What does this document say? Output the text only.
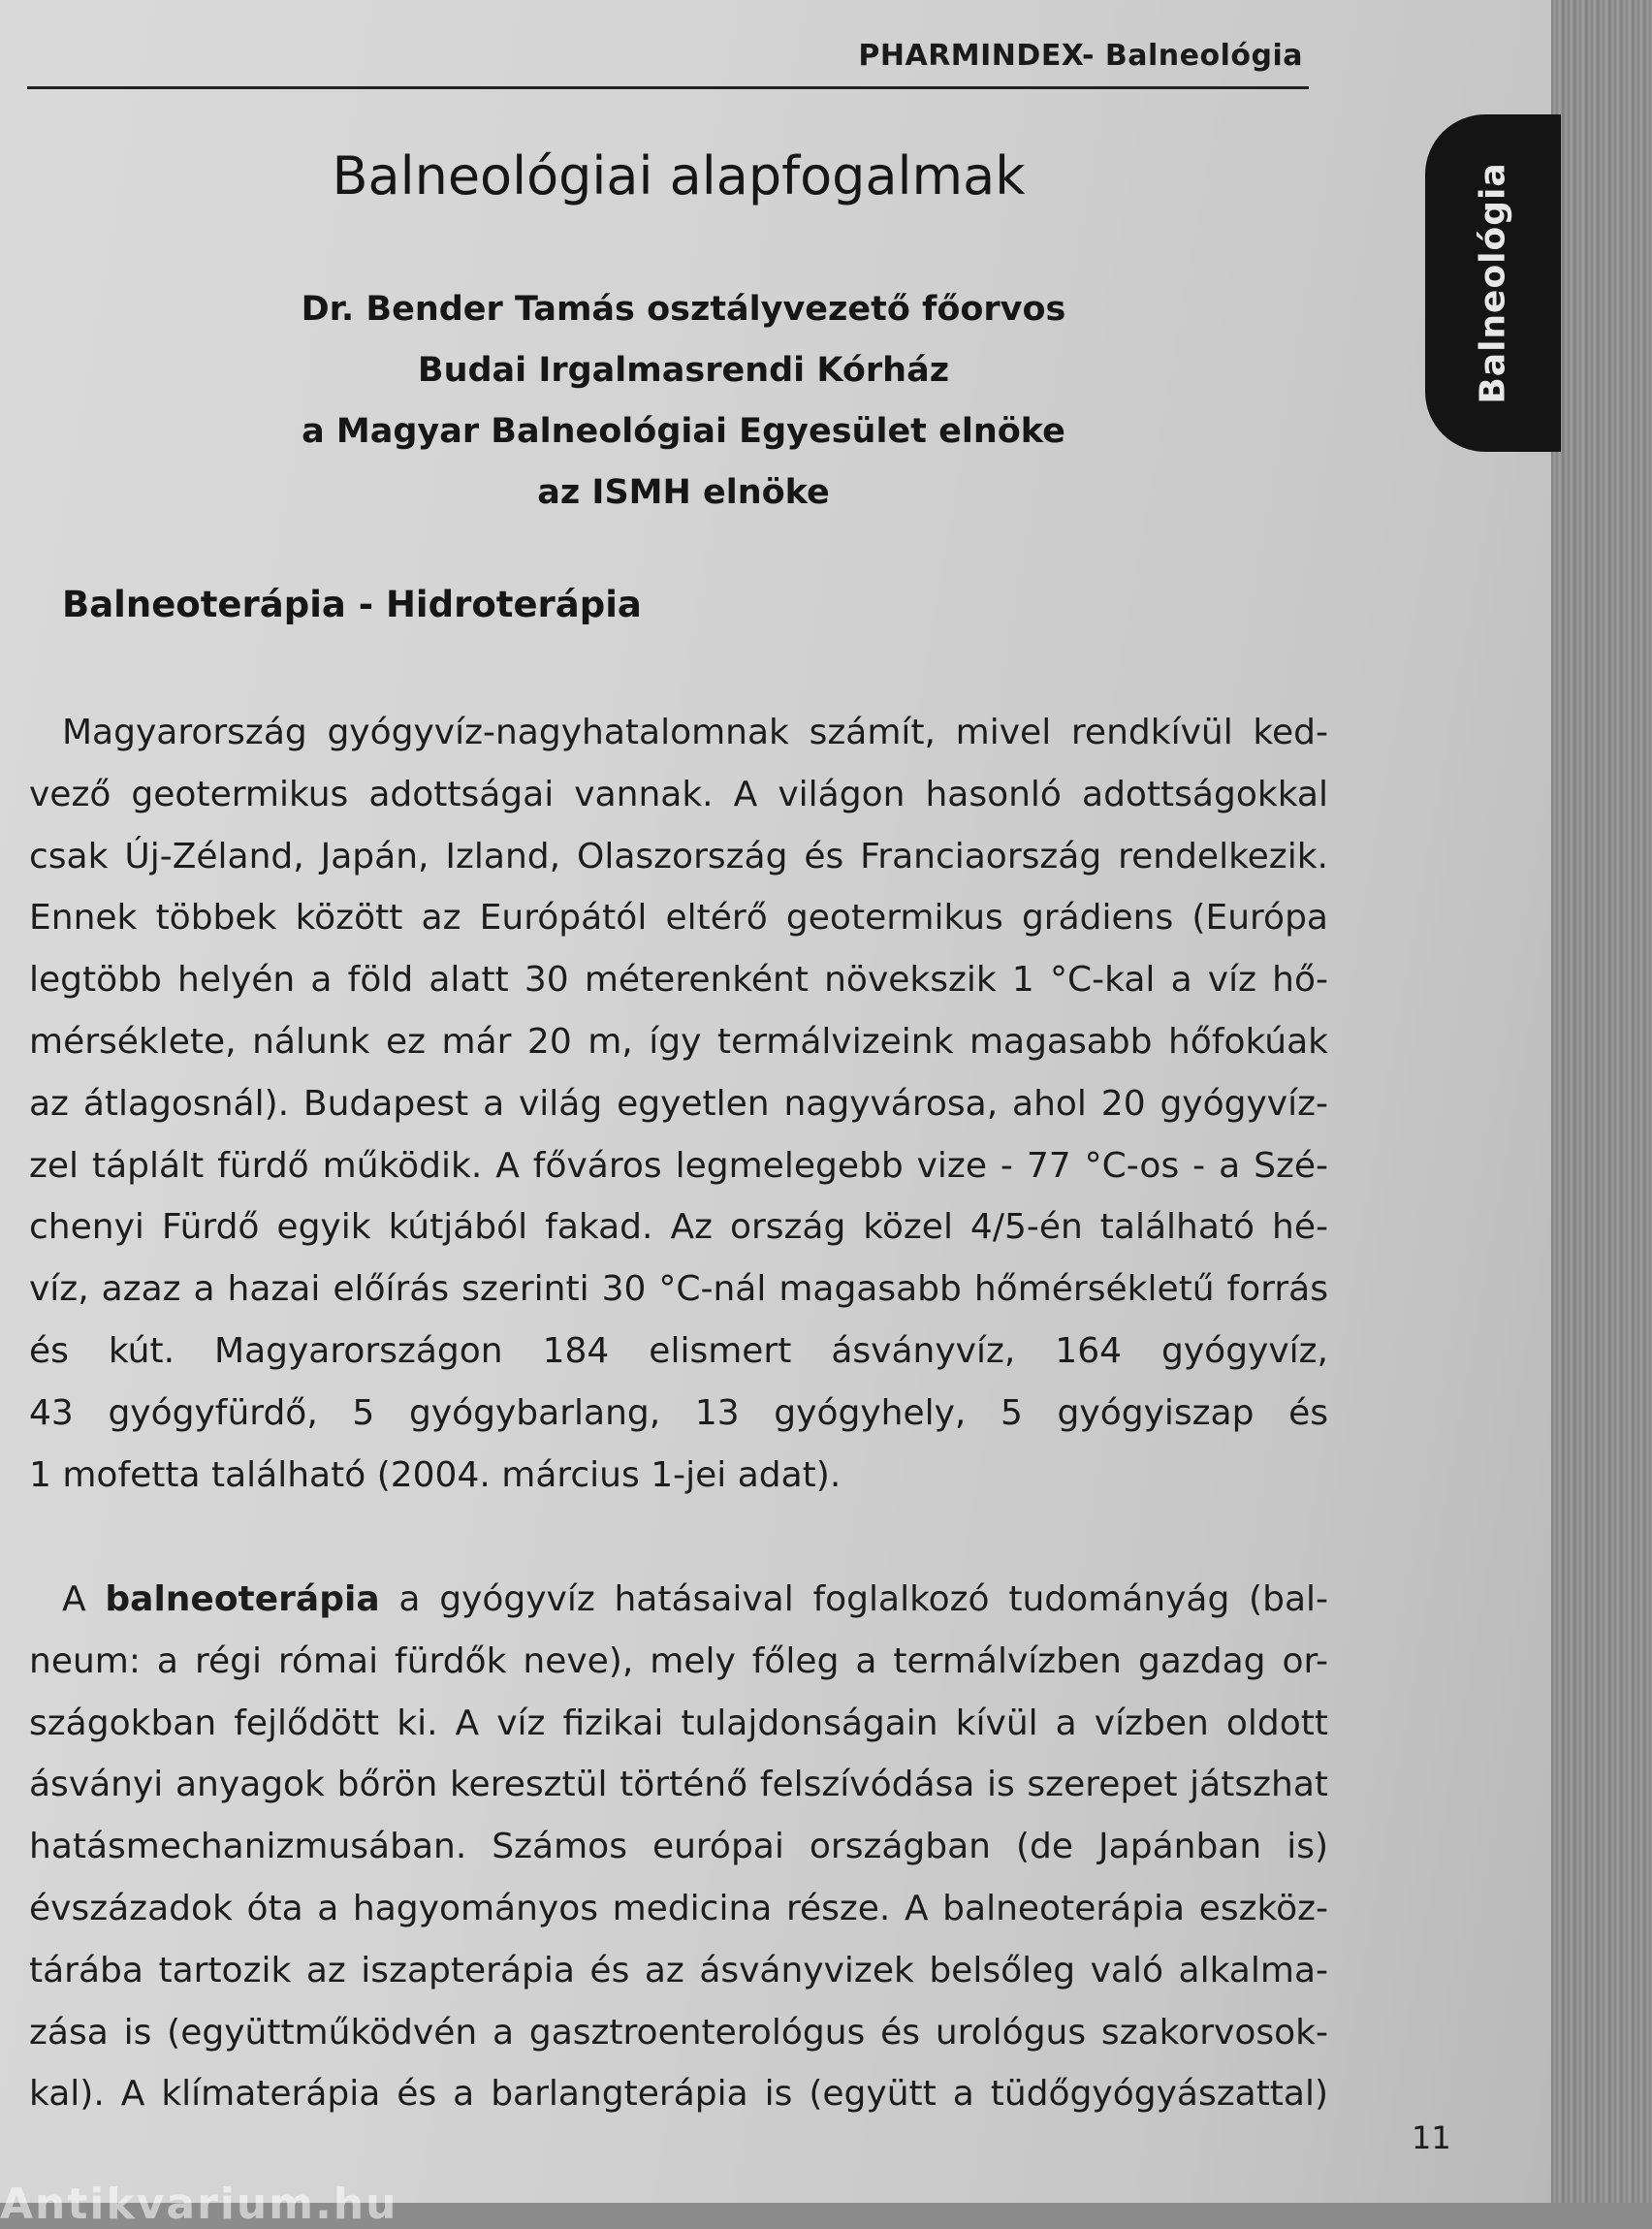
PHARMINDEX- Balneológia
Balneológia
Balneológiai alapfogalmak
Dr. Bender Tamás osztályvezető főorvos
Budai Irgalmasrendi Kórház
a Magyar Balneológiai Egyesület elnöke
az ISMH elnöke
Balneoterápia - Hidroterápia
Magyarország gyógyvíz-nagyhatalomnak számít, mivel rendkívül ked-
vező geotermikus adottságai vannak. A világon hasonló adottságokkal
csak Új-Zéland, Japán, Izland, Olaszország és Franciaország rendelkezik.
Ennek többek között az Európától eltérő geotermikus grádiens (Európa
legtöbb helyén a föld alatt 30 méterenként növekszik 1 °C-kal a víz hő-
mérséklete, nálunk ez már 20 m, így termálvizeink magasabb hőfokúak
az átlagosnál). Budapest a világ egyetlen nagyvárosa, ahol 20 gyógyvíz-
zel táplált fürdő működik. A főváros legmelegebb vize - 77 °C-os - a Szé-
chenyi Fürdő egyik kútjából fakad. Az ország közel 4/5-én található hé-
víz, azaz a hazai előírás szerinti 30 °C-nál magasabb hőmérsékletű forrás
és kút. Magyarországon 184 elismert ásványvíz, 164 gyógyvíz,
43 gyógyfürdő, 5 gyógybarlang, 13 gyógyhely, 5 gyógyiszap és
1 mofetta található (2004. március 1-jei adat).
A balneoterápia a gyógyvíz hatásaival foglalkozó tudományág (bal-
neum: a régi római fürdők neve), mely főleg a termálvízben gazdag or-
szágokban fejlődött ki. A víz fizikai tulajdonságain kívül a vízben oldott
ásványi anyagok bőrön keresztül történő felszívódása is szerepet játszhat
hatásmechanizmusában. Számos európai országban (de Japánban is)
évszázadok óta a hagyományos medicina része. A balneoterápia eszköz-
tárába tartozik az iszapterápia és az ásványvizek belsőleg való alkalma-
zása is (együttműködvén a gasztroenterológus és urológus szakorvosok-
kal). A klímaterápia és a barlangterápia is (együtt a tüdőgyógyászattal)
11
Antikvarium.hu
